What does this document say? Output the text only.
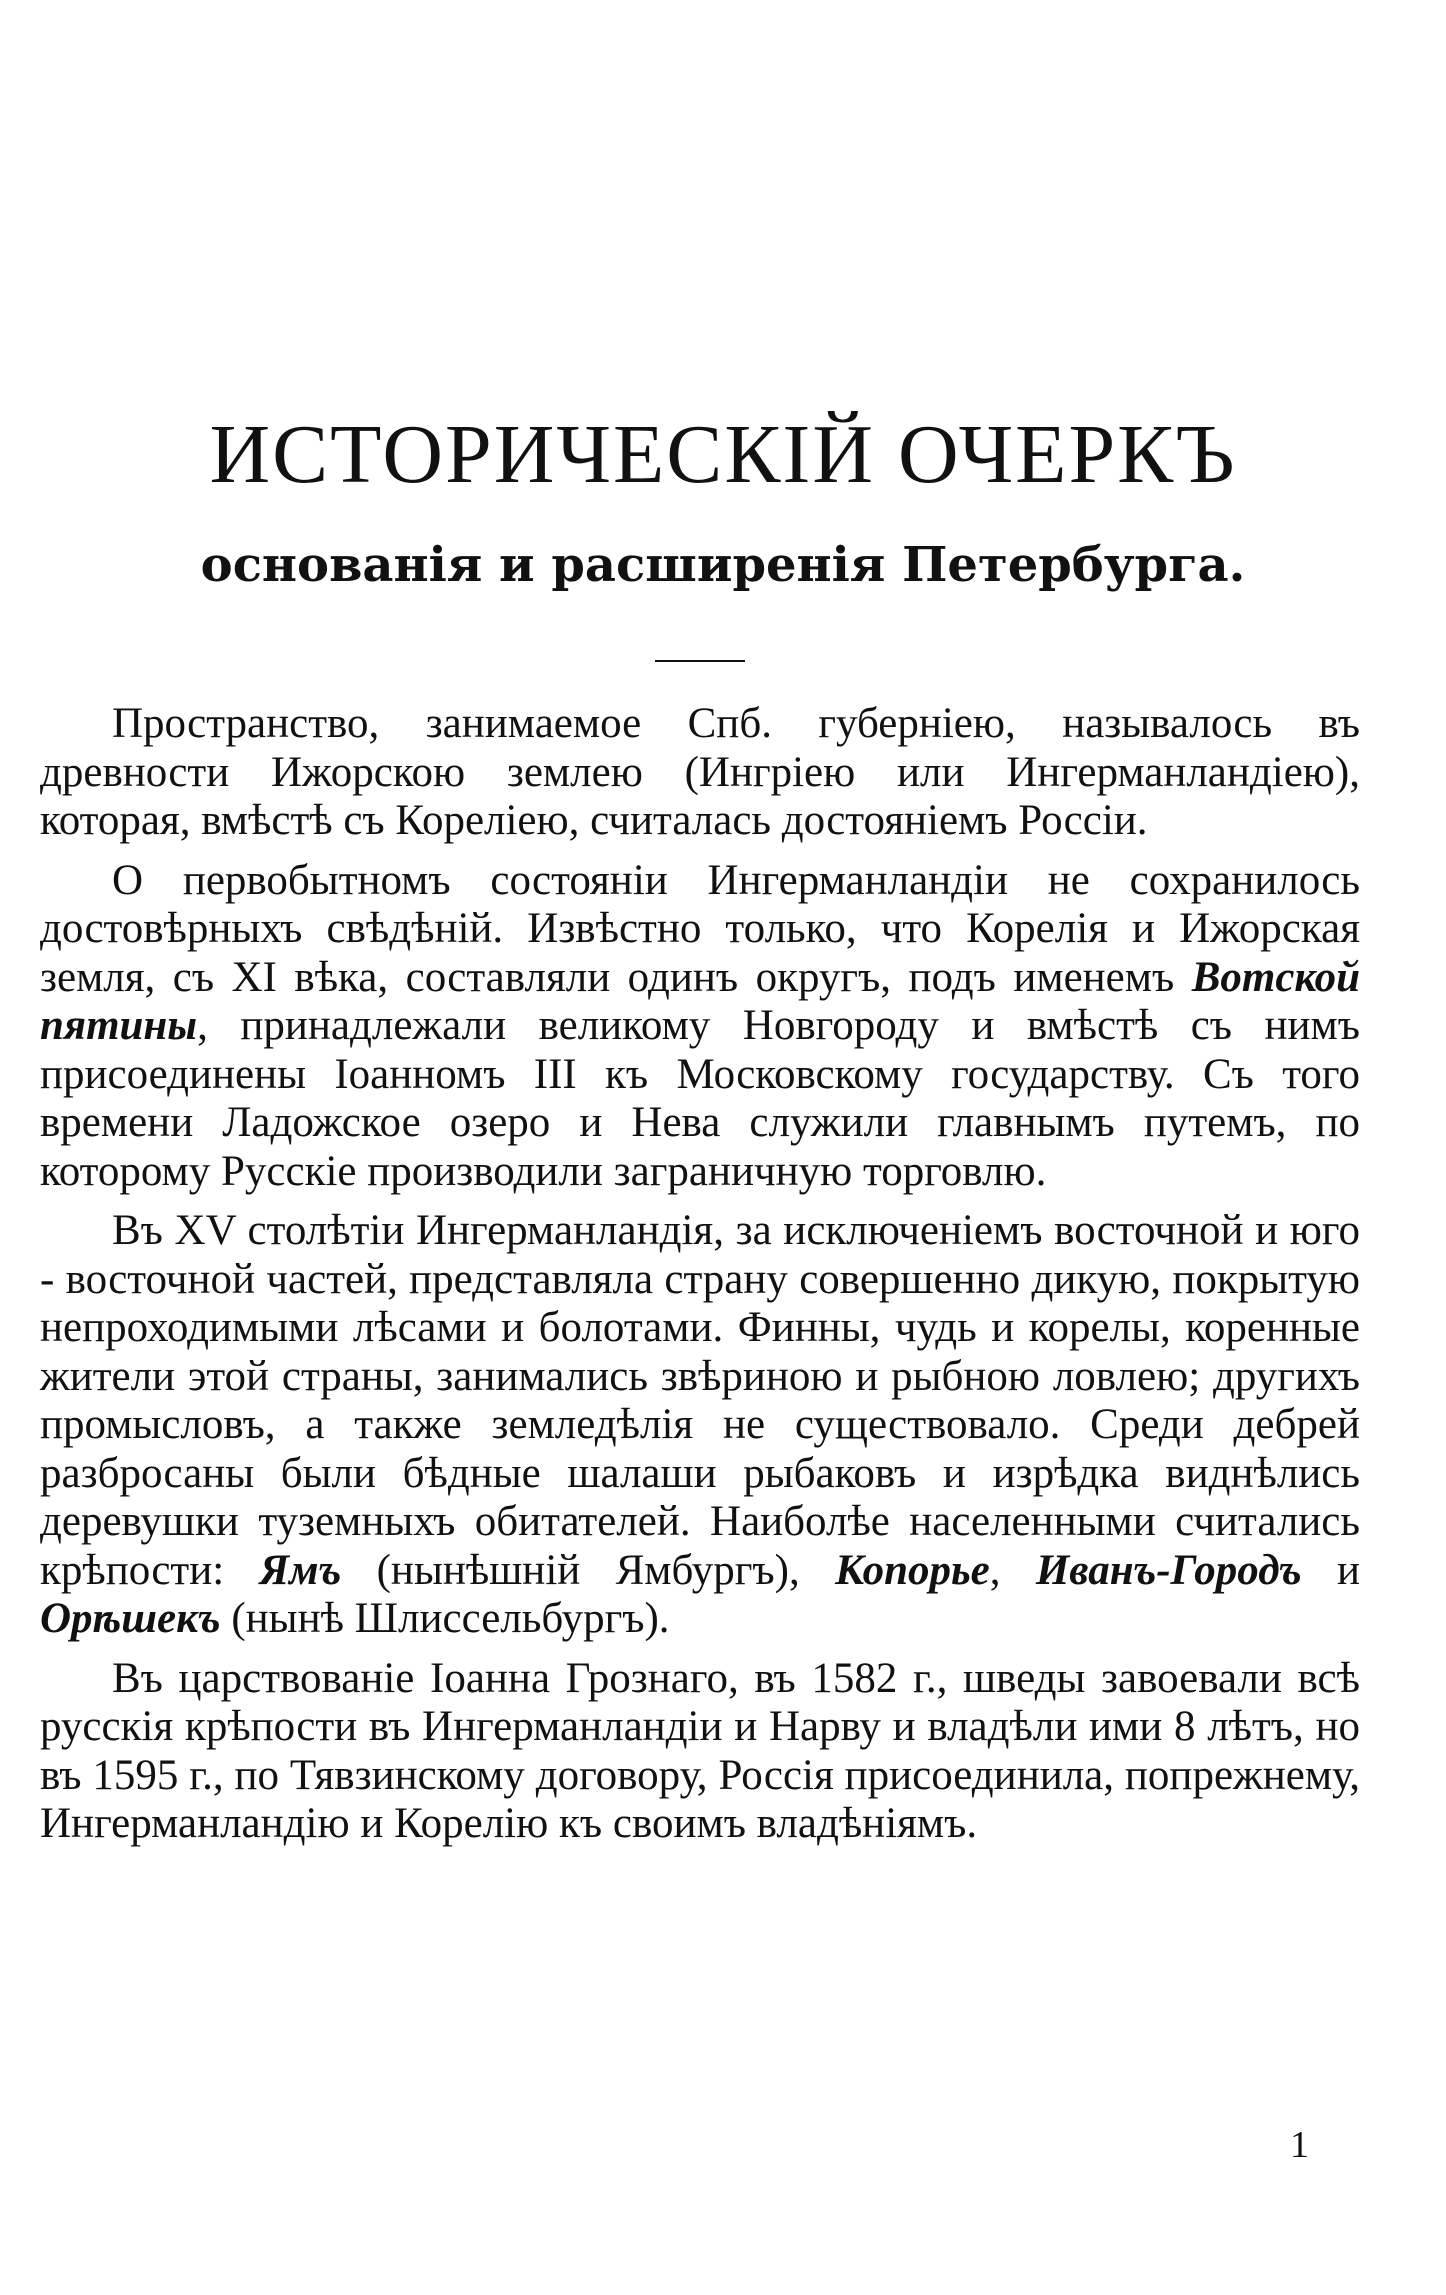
ИСТОРИЧЕСКІЙ ОЧЕРКЪ
основанія и расширенія Петербурга.

Пространство, занимаемое Спб. губерніею, называлось въ древности Ижорскою землею (Ингріею или Ингерманландіею), которая, вмѣстѣ съ Кореліею, считалась достояніемъ Россіи.

О первобытномъ состояніи Ингерманландіи не сохранилось достовѣрныхъ свѣдѣній. Извѣстно только, что Корелія и Ижорская земля, съ XI вѣка, составляли одинъ округъ, подъ именемъ Вотской пятины, принадлежали великому Новгороду и вмѣстѣ съ нимъ присоединены Іоанномъ III къ Московскому государству. Съ того времени Ладожское озеро и Нева служили главнымъ путемъ, по которому Русскіе производили заграничную торговлю.

Въ XV столѣтіи Ингерманландія, за исключеніемъ восточной и юго - восточной частей, представляла страну совершенно дикую, покрытую непроходимыми лѣсами и болотами. Финны, чудь и корелы, коренные жители этой страны, занимались звѣриною и рыбною ловлею; другихъ промысловъ, а также земледѣлія не существовало. Среди дебрей разбросаны были бѣдные шалаши рыбаковъ и изрѣдка виднѣлись деревушки туземныхъ обитателей. Наиболѣе населенными считались крѣпости: Ямъ (нынѣшній Ямбургъ), Копорье, Иванъ-Городъ и Орѣшекъ (нынѣ Шлиссельбургъ).

Въ царствованіе Іоанна Грознаго, въ 1582 г., шведы завоевали всѣ русскія крѣпости въ Ингерманландіи и Нарву и владѣли ими 8 лѣтъ, но въ 1595 г., по Тявзинскому договору, Россія присоединила, попрежнему, Ингерманландію и Корелію къ своимъ владѣніямъ.

1
